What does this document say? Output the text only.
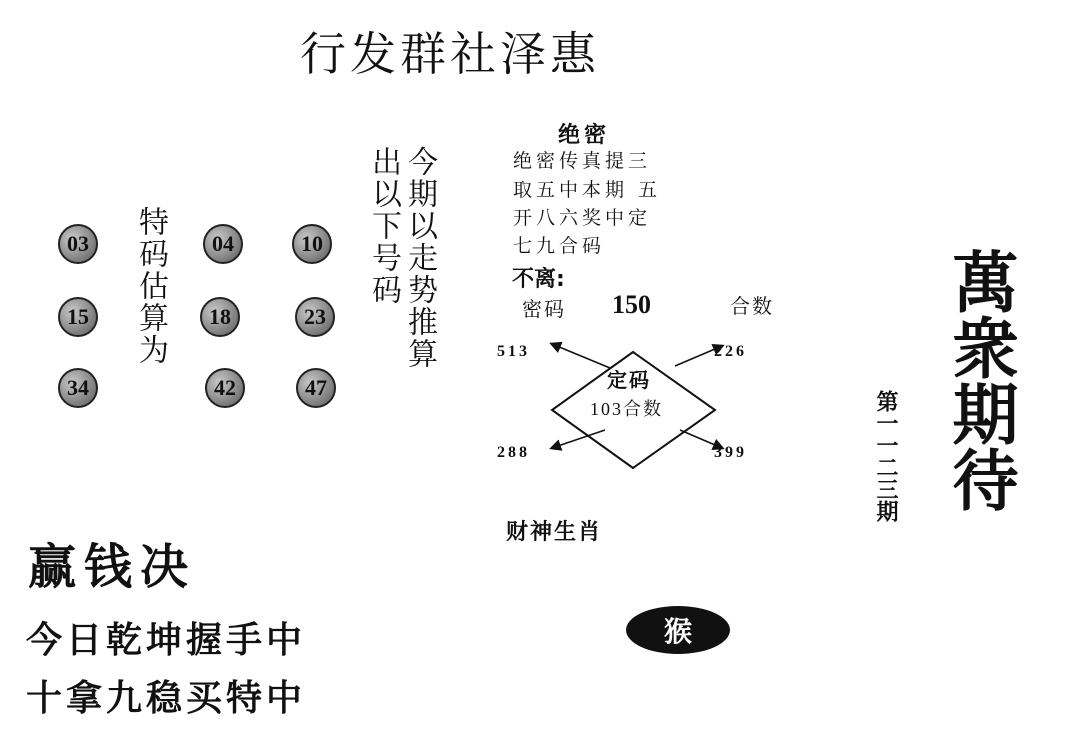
行发群社泽惠
03	04	10
15	18	23
34	42	47
特码估算为	今期以走势推算
出以下号码
绝密
绝密传真提三
取五中本期 五
开八六奖中定
七九合码
不离:
密码 150	合数
定码
103合数
513	226
288	399
财神生肖
猴
赢钱决
今日乾坤握手中
十拿九稳买特中
第一一二三期 萬衆期待
